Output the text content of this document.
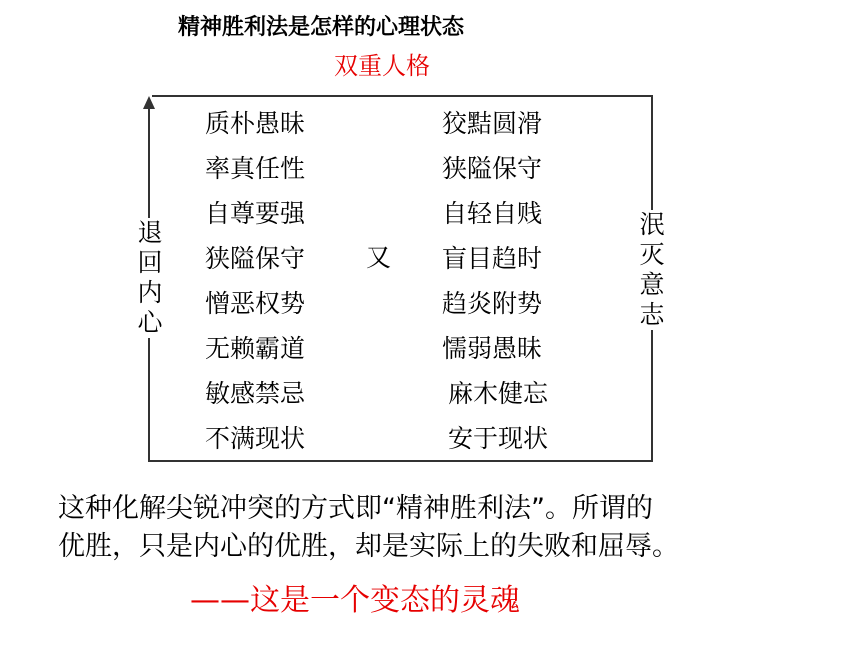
精神胜利法是怎样的心理状态
双重人格
退回内心
泯灭意志
质朴愚昧
率真任性
自尊要强
狭隘保守
憎恶权势
无赖霸道
敏感禁忌
不满现状
又
狡黠圆滑
狭隘保守
自轻自贱
盲目趋时
趋炎附势
懦弱愚昧
麻木健忘
安于现状
这种化解尖锐冲突的方式即“精神胜利法”。所谓的
优胜，只是内心的优胜，却是实际上的失败和屈辱。
——这是一个变态的灵魂
